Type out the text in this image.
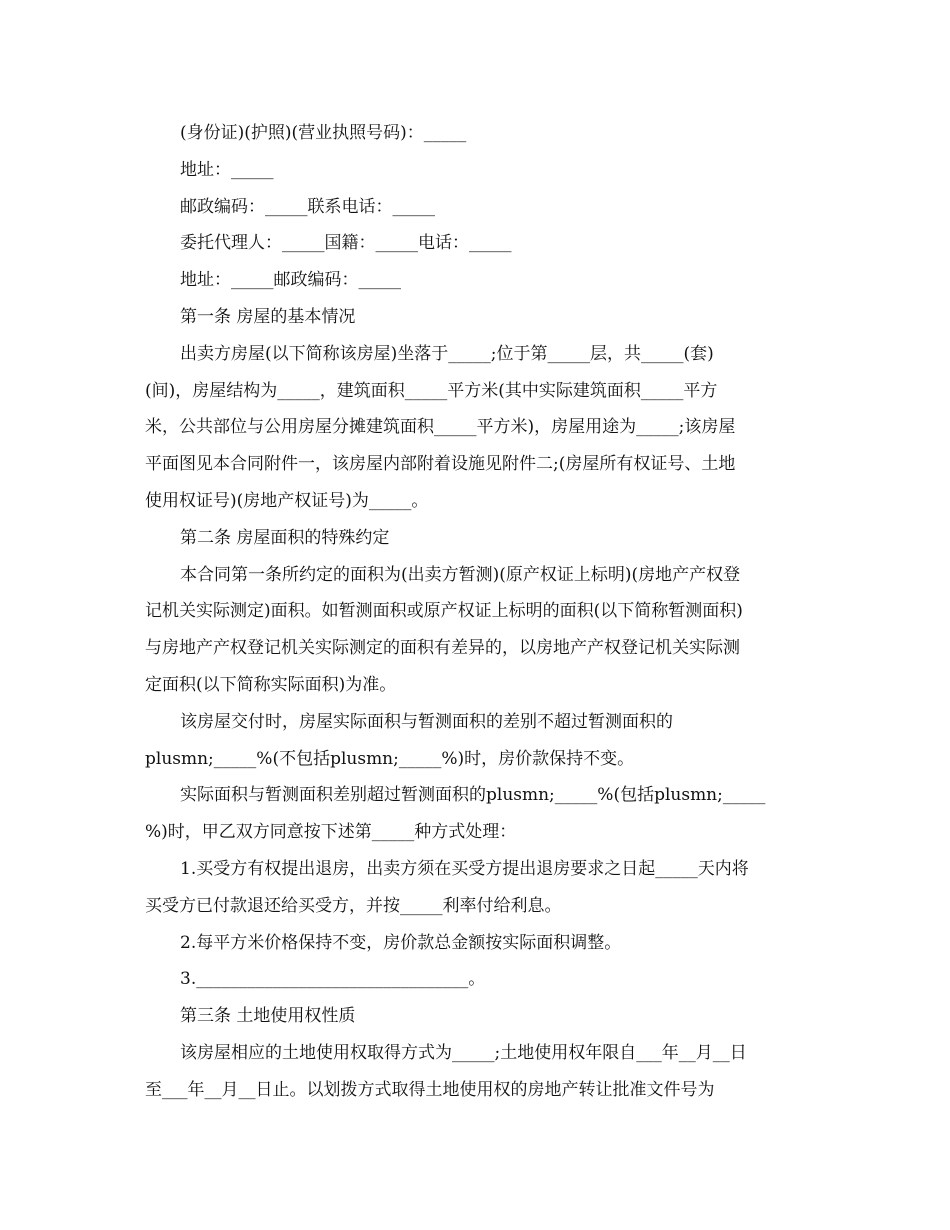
(身份证)(护照)(营业执照号码)：_____

地址：_____

邮政编码：_____联系电话：_____

委托代理人：_____国籍：_____电话：_____

地址：_____邮政编码：_____

第一条 房屋的基本情况

出卖方房屋(以下简称该房屋)坐落于_____;位于第_____层，共_____(套)

(间)，房屋结构为_____，建筑面积_____平方米(其中实际建筑面积_____平方

米，公共部位与公用房屋分摊建筑面积_____平方米)，房屋用途为_____;该房屋

平面图见本合同附件一，该房屋内部附着设施见附件二;(房屋所有权证号、土地

使用权证号)(房地产权证号)为_____。

第二条 房屋面积的特殊约定

本合同第一条所约定的面积为(出卖方暂测)(原产权证上标明)(房地产产权登

记机关实际测定)面积。如暂测面积或原产权证上标明的面积(以下简称暂测面积)

与房地产产权登记机关实际测定的面积有差异的，以房地产产权登记机关实际测

定面积(以下简称实际面积)为准。

该房屋交付时，房屋实际面积与暂测面积的差别不超过暂测面积的

plusmn;_____%(不包括plusmn;_____%)时，房价款保持不变。

实际面积与暂测面积差别超过暂测面积的plusmn;_____%(包括plusmn;_____

%)时，甲乙双方同意按下述第_____种方式处理：

1.买受方有权提出退房，出卖方须在买受方提出退房要求之日起_____天内将

买受方已付款退还给买受方，并按_____利率付给利息。

2.每平方米价格保持不变，房价款总金额按实际面积调整。

3.________________________________。

第三条 土地使用权性质

该房屋相应的土地使用权取得方式为_____;土地使用权年限自___年__月__日

至___年__月__日止。以划拨方式取得土地使用权的房地产转让批准文件号为
